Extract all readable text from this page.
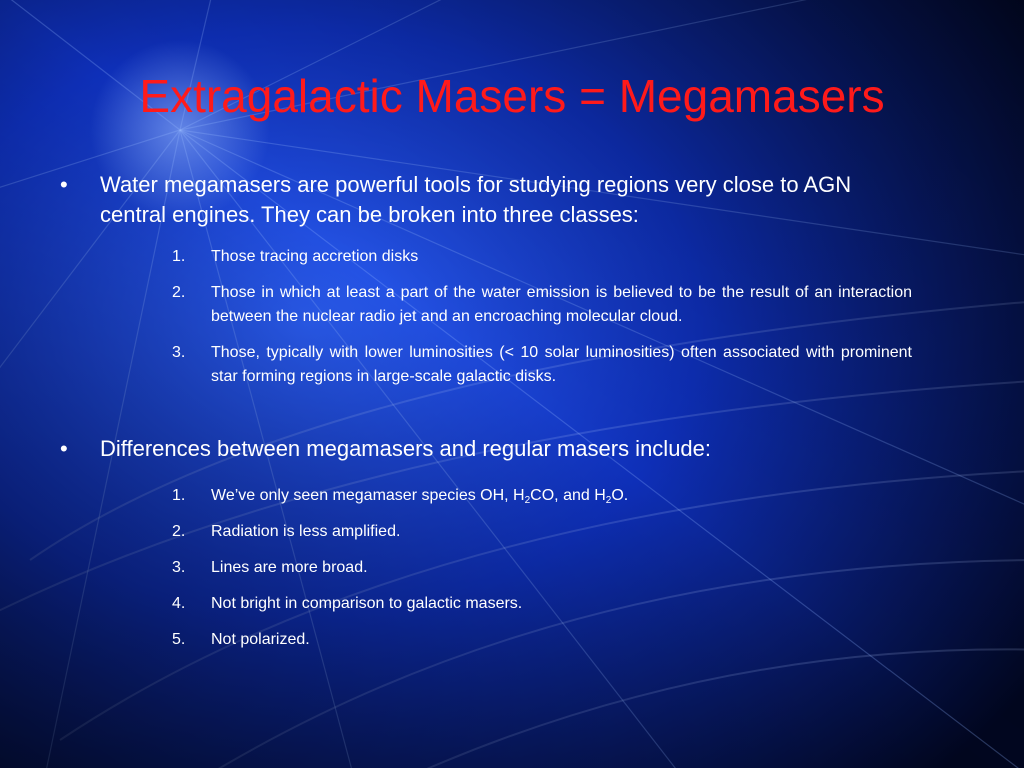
Extragalactic Masers = Megamasers
•	Water megamasers are powerful tools for studying regions very close to AGN central engines. They can be broken into three classes:
1.	Those tracing accretion disks
2.	Those in which at least a part of the water emission is believed to be the result of an interaction between the nuclear radio jet and an encroaching molecular cloud.
3.	Those, typically with lower luminosities (< 10 solar luminosities) often associated with prominent star forming regions in large-scale galactic disks.
•	Differences between megamasers and regular masers include:
1.	We’ve only seen megamaser species OH, $H_2CO$, and $H_2O$.
2.	Radiation is less amplified.
3.	Lines are more broad.
4.	Not bright in comparison to galactic masers.
5.	Not polarized.
